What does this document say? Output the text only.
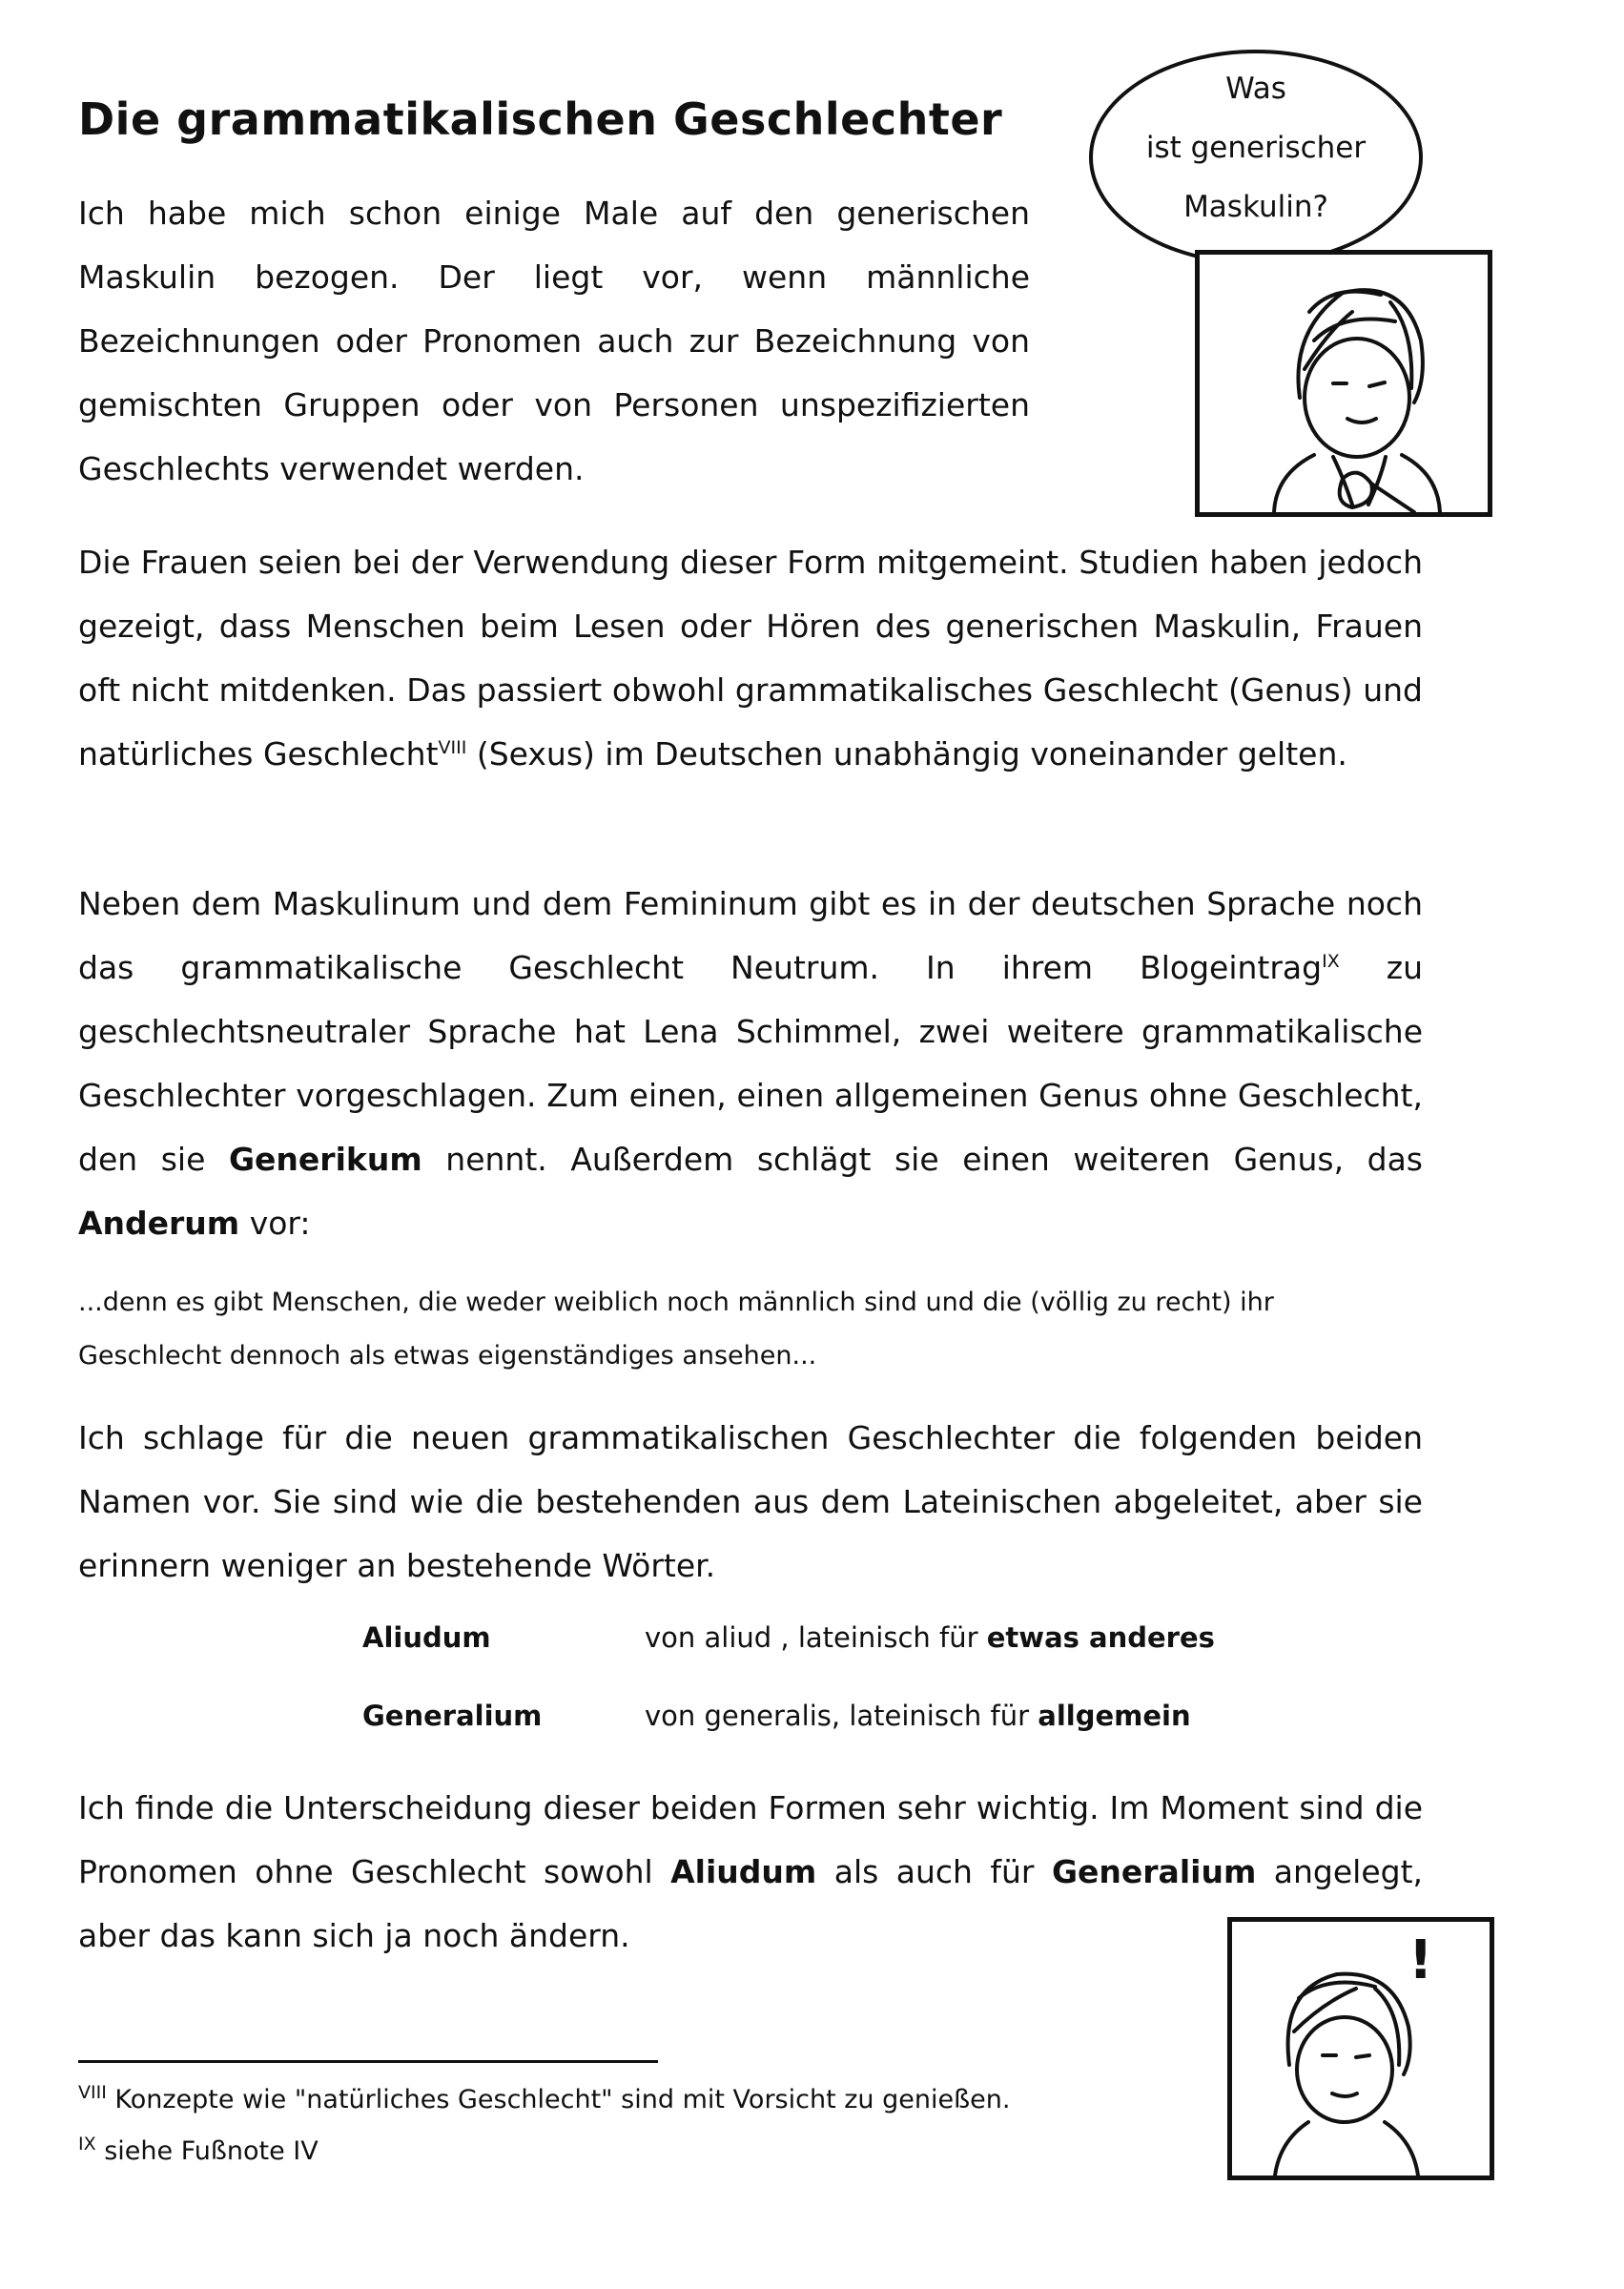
Die grammatikalischen Geschlechter
Was
ist generischer
Maskulin?

Ich habe mich schon einige Male auf den generischen Maskulin bezogen. Der liegt vor, wenn männliche Bezeichnungen oder Pronomen auch zur Bezeichnung von gemischten Gruppen oder von Personen unspezifizierten Geschlechts verwendet werden.

Die Frauen seien bei der Verwendung dieser Form mitgemeint. Studien haben jedoch gezeigt, dass Menschen beim Lesen oder Hören des generischen Maskulin, Frauen oft nicht mitdenken. Das passiert obwohl grammatikalisches Geschlecht (Genus) und natürliches Geschlecht$^{VIII}$ (Sexus) im Deutschen unabhängig voneinander gelten.

Neben dem Maskulinum und dem Femininum gibt es in der deutschen Sprache noch das grammatikalische Geschlecht Neutrum. In ihrem Blogeintrag$^{IX}$ zu geschlechtsneutraler Sprache hat Lena Schimmel, zwei weitere grammatikalische Geschlechter vorgeschlagen. Zum einen, einen allgemeinen Genus ohne Geschlecht, den sie Generikum nennt. Außerdem schlägt sie einen weiteren Genus, das Anderum vor:

...denn es gibt Menschen, die weder weiblich noch männlich sind und die (völlig zu recht) ihr Geschlecht dennoch als etwas eigenständiges ansehen...

Ich schlage für die neuen grammatikalischen Geschlechter die folgenden beiden Namen vor. Sie sind wie die bestehenden aus dem Lateinischen abgeleitet, aber sie erinnern weniger an bestehende Wörter.

Aliudum	von aliud , lateinisch für etwas anderes
Generalium	von generalis, lateinisch für allgemein

Ich finde die Unterscheidung dieser beiden Formen sehr wichtig. Im Moment sind die Pronomen ohne Geschlecht sowohl Aliudum als auch für Generalium angelegt, aber das kann sich ja noch ändern.	!
$^{VIII}$ Konzepte wie "natürliches Geschlecht" sind mit Vorsicht zu genießen.
$^{IX}$ siehe Fußnote IV
